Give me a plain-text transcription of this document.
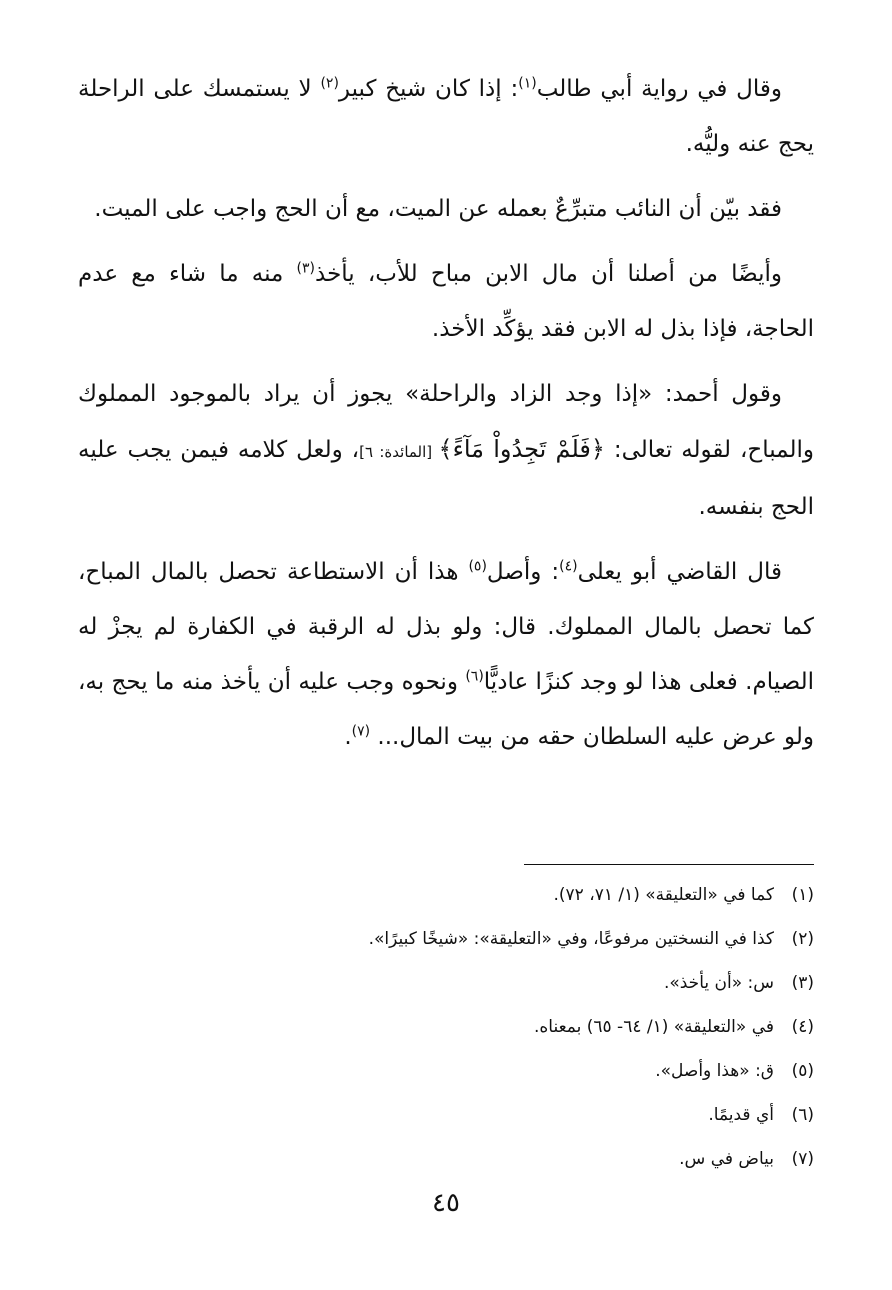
وقال في رواية أبي طالب$^{(١)}$: إذا كان شيخ كبير$^{(٢)}$ لا يستمسك على الراحلة يحج عنه وليُّه.

فقد بيّن أن النائب متبرِّعٌ بعمله عن الميت، مع أن الحج واجب على الميت.

وأيضًا من أصلنا أن مال الابن مباح للأب، يأخذ$^{(٣)}$ منه ما شاء مع عدم الحاجة، فإذا بذل له الابن فقد يؤكِّد الأخذ.

وقول أحمد: «إذا وجد الزاد والراحلة» يجوز أن يراد بالموجود المملوك والمباح، لقوله تعالى: ﴿فَلَمْ تَجِدُواْ مَآءً﴾ [المائدة: ٦]، ولعل كلامه فيمن يجب عليه الحج بنفسه.

قال القاضي أبو يعلى$^{(٤)}$: وأصل$^{(٥)}$ هذا أن الاستطاعة تحصل بالمال المباح، كما تحصل بالمال المملوك. قال: ولو بذل له الرقبة في الكفارة لم يجزْ له الصيام. فعلى هذا لو وجد كنزًا عاديًّا$^{(٦)}$ ونحوه وجب عليه أن يأخذ منه ما يحج به، ولو عرض عليه السلطان حقه من بيت المال... $^{(٧)}$.

(١)
كما في «التعليقة» (١/ ٧١، ٧٢).
(٢)
كذا في النسختين مرفوعًا، وفي «التعليقة»: «شيخًا كبيرًا».
(٣)
س: «أن يأخذ».
(٤)
في «التعليقة» (١/ ٦٤- ٦٥) بمعناه.
(٥)
ق: «هذا وأصل».
(٦)
أي قديمًا.
(٧)
بياض في س.
٤٥
